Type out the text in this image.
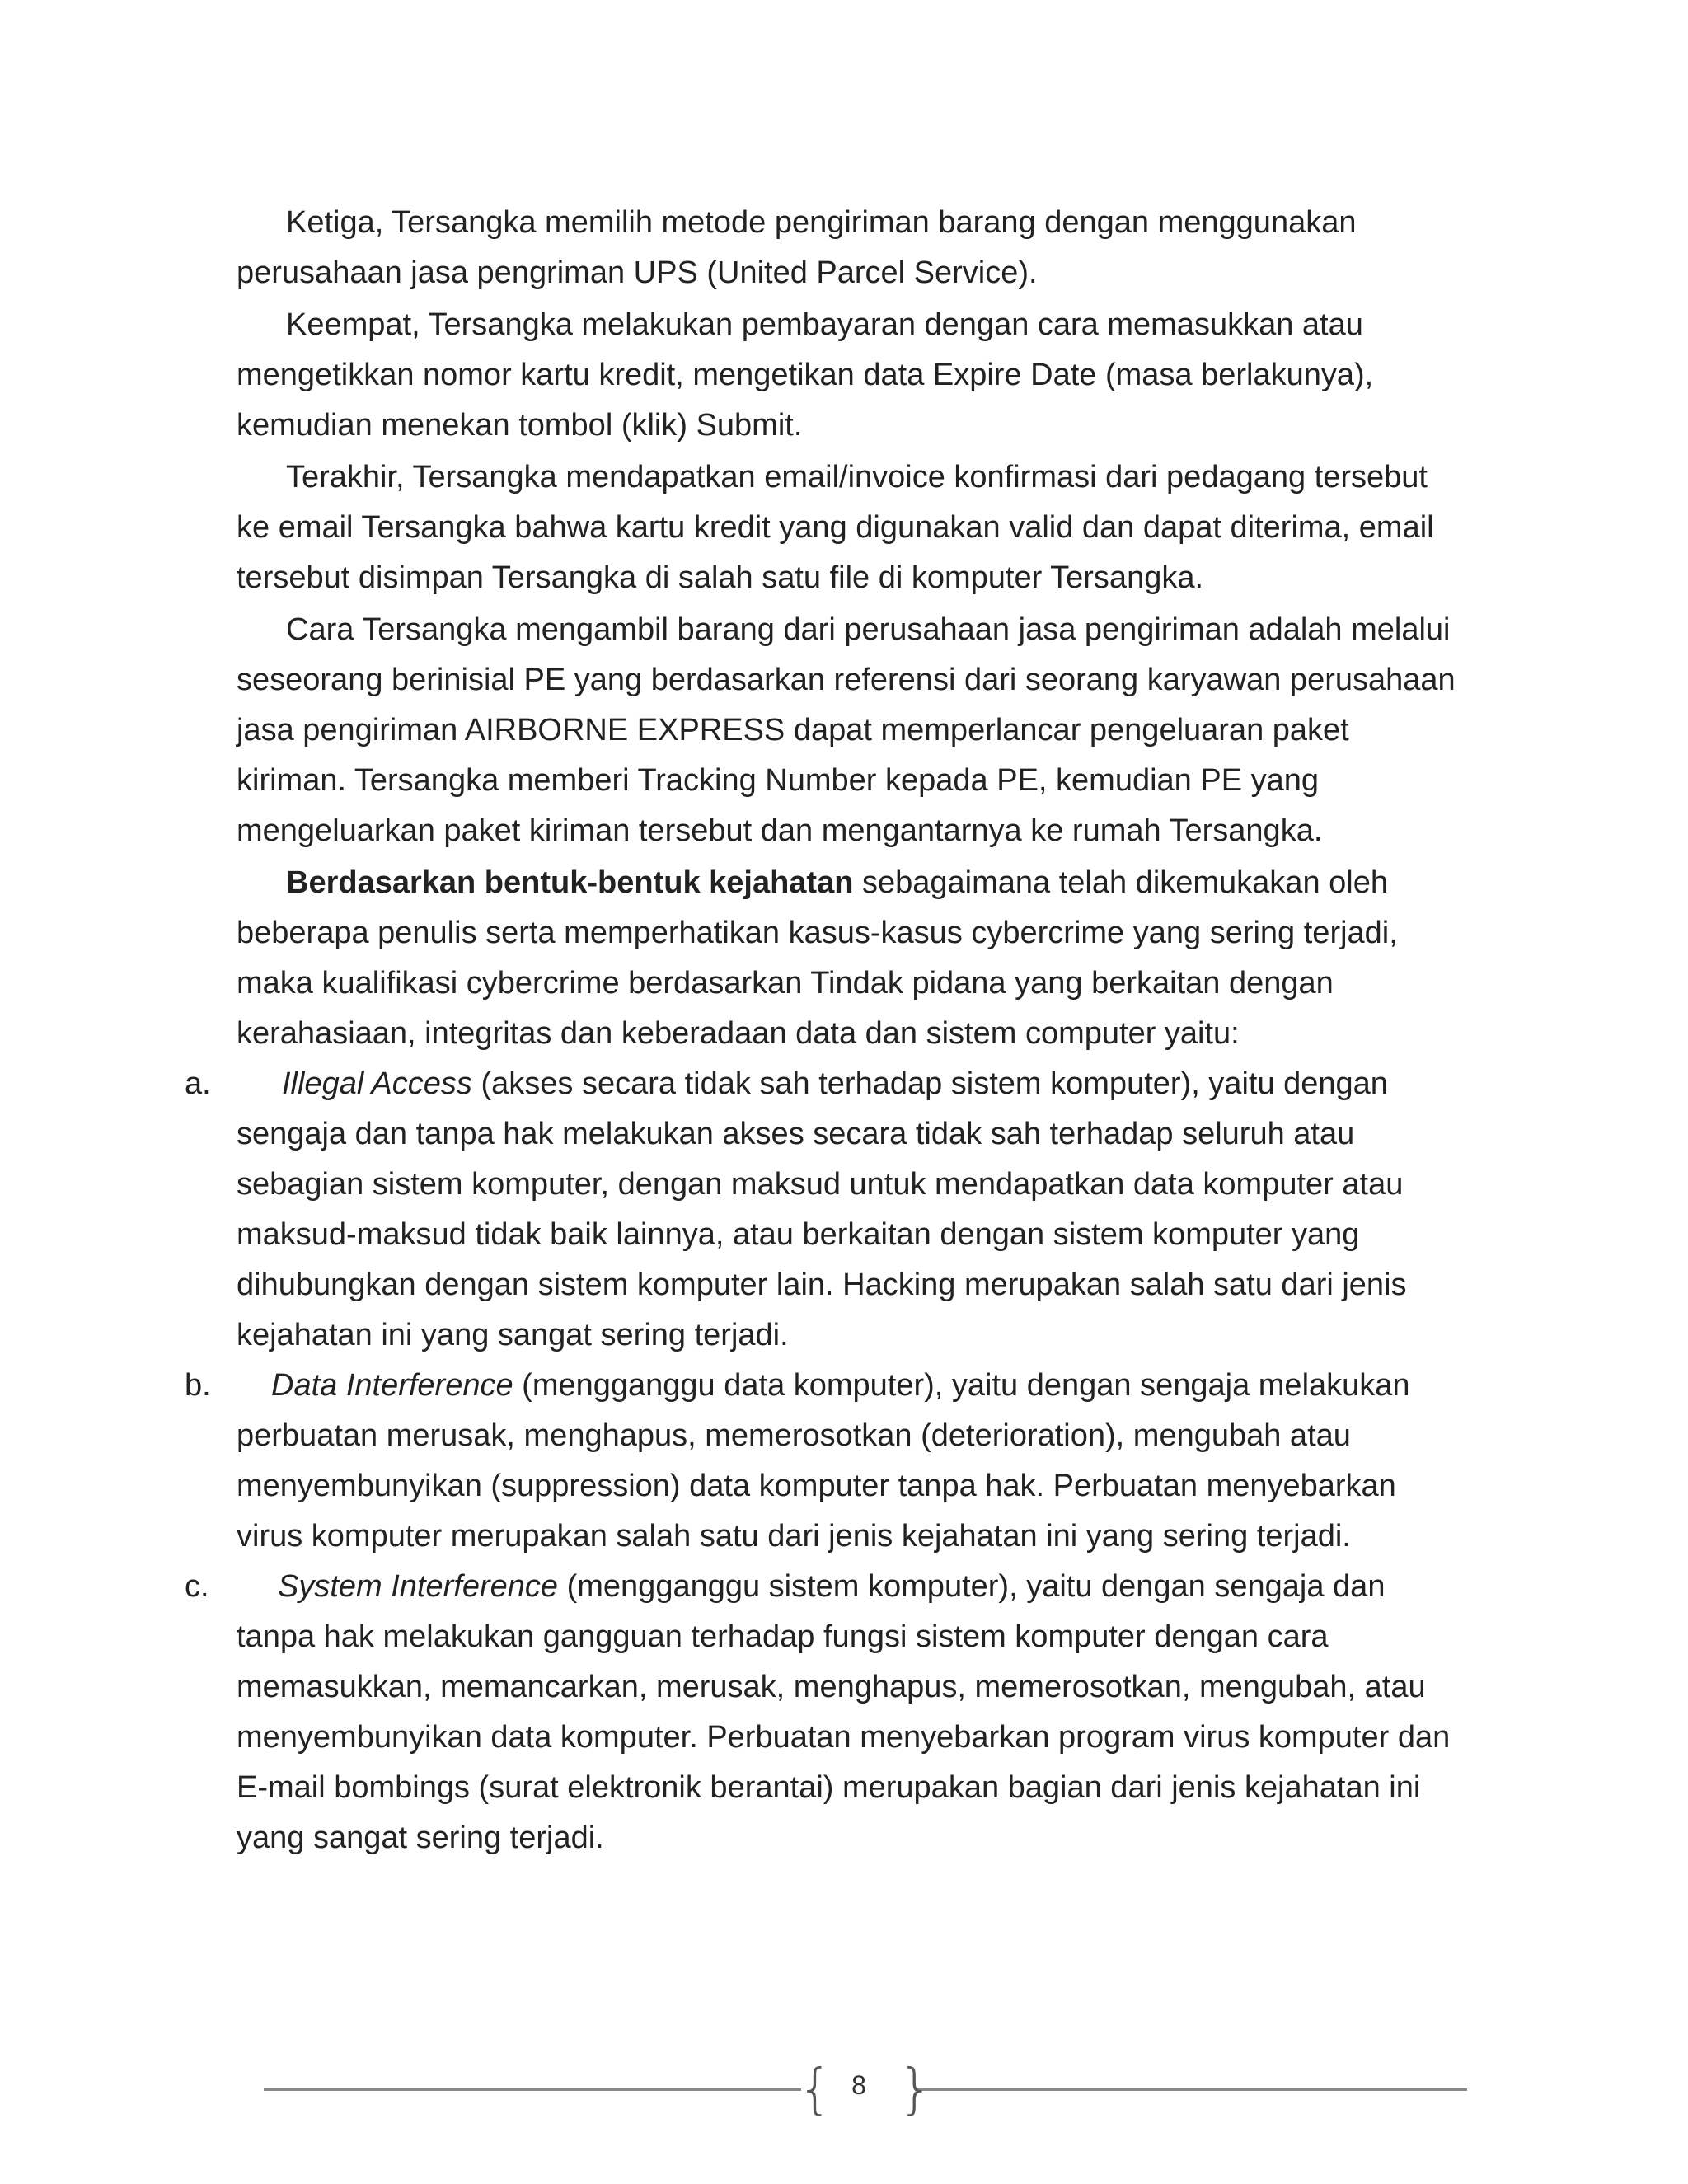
Ketiga, Tersangka memilih metode pengiriman barang dengan menggunakan perusahaan jasa pengriman UPS (United Parcel Service).

Keempat, Tersangka melakukan pembayaran dengan cara memasukkan atau mengetikkan nomor kartu kredit, mengetikan data Expire Date (masa berlakunya), kemudian menekan tombol (klik) Submit.

Terakhir, Tersangka mendapatkan email/invoice konfirmasi dari pedagang tersebut ke email Tersangka bahwa kartu kredit yang digunakan valid dan dapat diterima, email tersebut disimpan Tersangka di salah satu file di komputer Tersangka.

Cara Tersangka mengambil barang dari perusahaan jasa pengiriman adalah melalui seseorang berinisial PE yang berdasarkan referensi dari seorang karyawan perusahaan jasa pengiriman AIRBORNE EXPRESS dapat memperlancar pengeluaran paket kiriman. Tersangka memberi Tracking Number kepada PE, kemudian PE yang mengeluarkan paket kiriman tersebut dan mengantarnya ke rumah Tersangka.

Berdasarkan bentuk-bentuk kejahatan sebagaimana telah dikemukakan oleh beberapa penulis serta memperhatikan kasus-kasus cybercrime yang sering terjadi, maka kualifikasi cybercrime berdasarkan Tindak pidana yang berkaitan dengan kerahasiaan, integritas dan keberadaan data dan sistem computer yaitu:

a. Illegal Access (akses secara tidak sah terhadap sistem komputer), yaitu dengan sengaja dan tanpa hak melakukan akses secara tidak sah terhadap seluruh atau sebagian sistem komputer, dengan maksud untuk mendapatkan data komputer atau maksud-maksud tidak baik lainnya, atau berkaitan dengan sistem komputer yang dihubungkan dengan sistem komputer lain. Hacking merupakan salah satu dari jenis kejahatan ini yang sangat sering terjadi.
b. Data Interference (mengganggu data komputer), yaitu dengan sengaja melakukan perbuatan merusak, menghapus, memerosotkan (deterioration), mengubah atau menyembunyikan (suppression) data komputer tanpa hak. Perbuatan menyebarkan virus komputer merupakan salah satu dari jenis kejahatan ini yang sering terjadi.
c. System Interference (mengganggu sistem komputer), yaitu dengan sengaja dan tanpa hak melakukan gangguan terhadap fungsi sistem komputer dengan cara memasukkan, memancarkan, merusak, menghapus, memerosotkan, mengubah, atau menyembunyikan data komputer. Perbuatan menyebarkan program virus komputer dan E-mail bombings (surat elektronik berantai) merupakan bagian dari jenis kejahatan ini yang sangat sering terjadi.
{ 8 }
